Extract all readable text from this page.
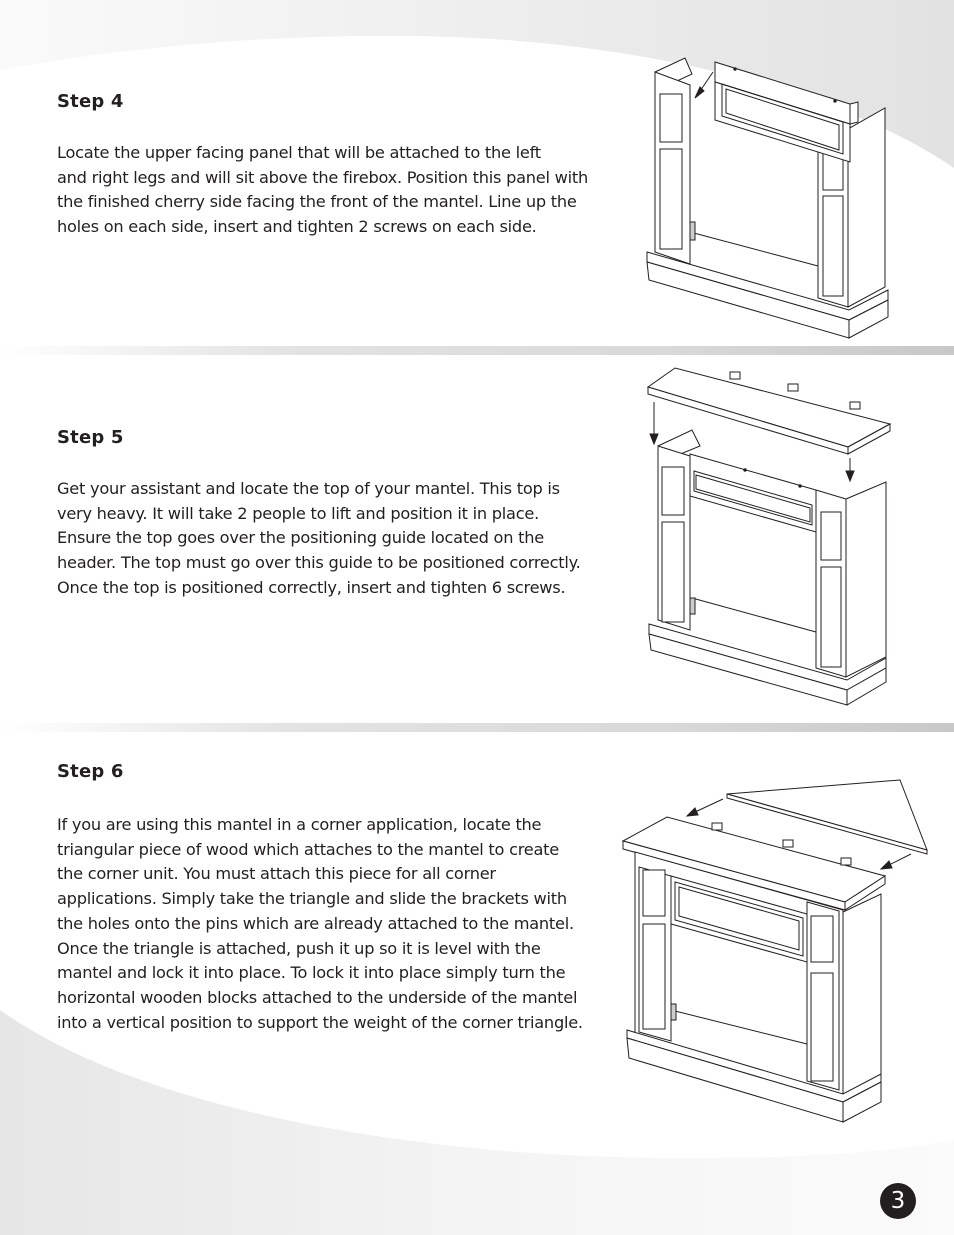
Step 4

Locate the upper facing panel that will be attached to the left
and right legs and will sit above the firebox. Position this panel with
the finished cherry side facing the front of the mantel. Line up the
holes on each side, insert and tighten 2 screws on each side.

Step 5

Get your assistant and locate the top of your mantel. This top is
very heavy. It will take 2 people to lift and position it in place.
Ensure the top goes over the positioning guide located on the
header. The top must go over this guide to be positioned correctly.
Once the top is positioned correctly, insert and tighten 6 screws.

Step 6

If you are using this mantel in a corner application, locate the
triangular piece of wood which attaches to the mantel to create
the corner unit. You must attach this piece for all corner
applications. Simply take the triangle and slide the brackets with
the holes onto the pins which are already attached to the mantel.
Once the triangle is attached, push it up so it is level with the
mantel and lock it into place. To lock it into place simply turn the
horizontal wooden blocks attached to the underside of the mantel
into a vertical position to support the weight of the corner triangle.

3
